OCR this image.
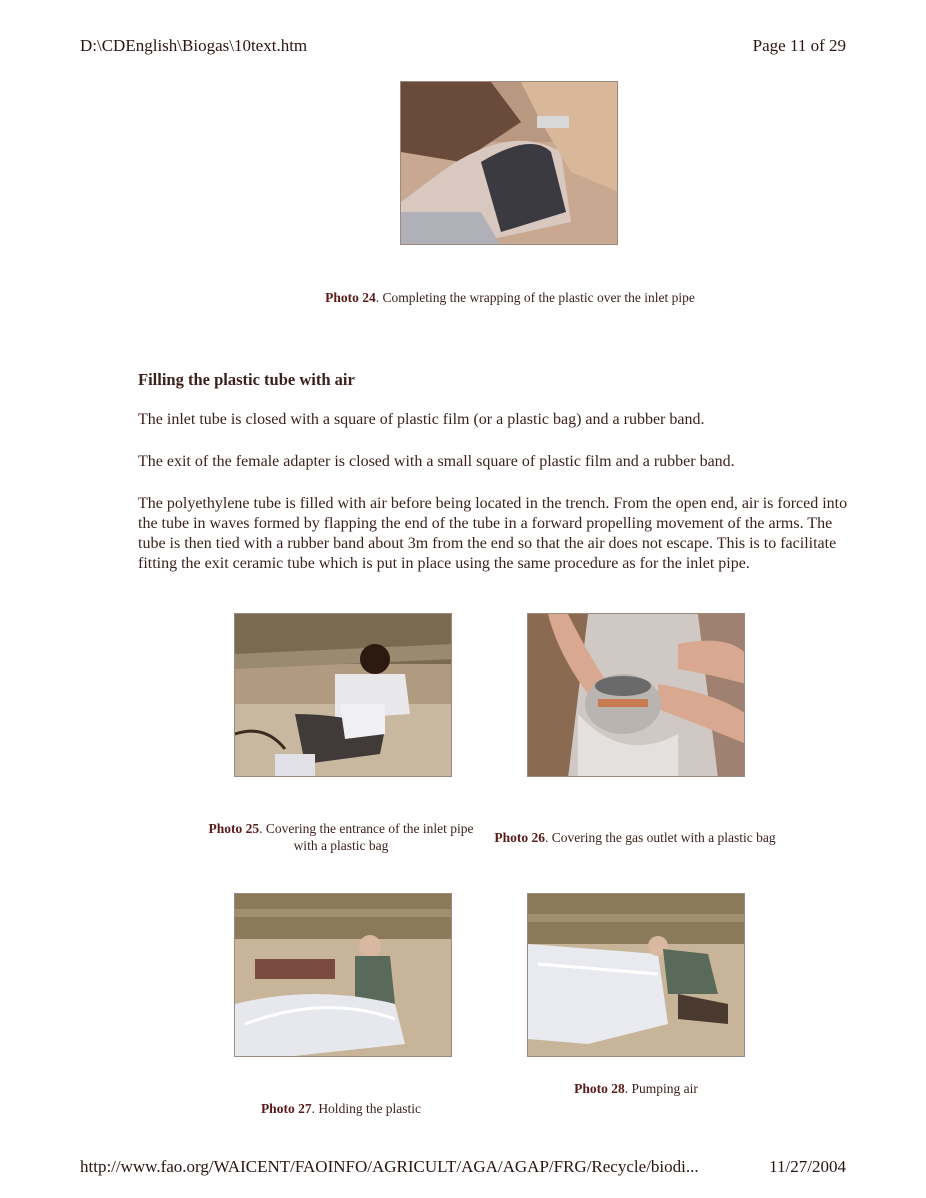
D:\CDEnglish\Biogas\10text.htm	Page 11 of 29
Photo 24. Completing the wrapping of the plastic over the inlet pipe
Filling the plastic tube with air
The inlet tube is closed with a square of plastic film (or a plastic bag) and a rubber band.
The exit of the female adapter is closed with a small square of plastic film and a rubber band.
The polyethylene tube is filled with air before being located in the trench. From the open end, air is forced into the tube in waves formed by flapping the end of the tube in a forward propelling movement of the arms. The tube is then tied with a rubber band about 3m from the end so that the air does not escape. This is to facilitate fitting the exit ceramic tube which is put in place using the same procedure as for the inlet pipe.
Photo 25. Covering the entrance of the inlet pipe with a plastic bag
Photo 26. Covering the gas outlet with a plastic bag
Photo 27. Holding the plastic
Photo 28. Pumping air
http://www.fao.org/WAICENT/FAOINFO/AGRICULT/AGA/AGAP/FRG/Recycle/biodi...	11/27/2004
